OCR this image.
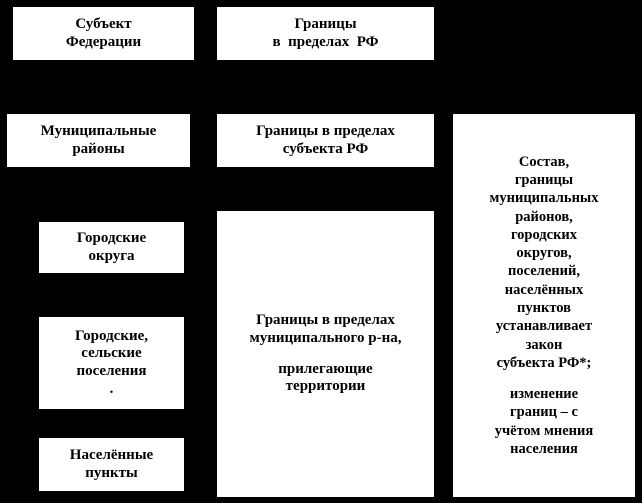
Субъект
Федерации
Границы
в  пределах  РФ
Муниципальные
районы
Городские
округа
Городские,
сельские
поселения
.
Населённые
пункты
Границы в пределах
субъекта РФ
Границы в пределах
муниципального р-на,
прилегающие
территории
Состав,
границы
муниципальных
районов,
городских
округов,
поселений,
населённых
пунктов
устанавливает
закон
субъекта РФ*;
изменение
границ – с
учётом мнения
населения
